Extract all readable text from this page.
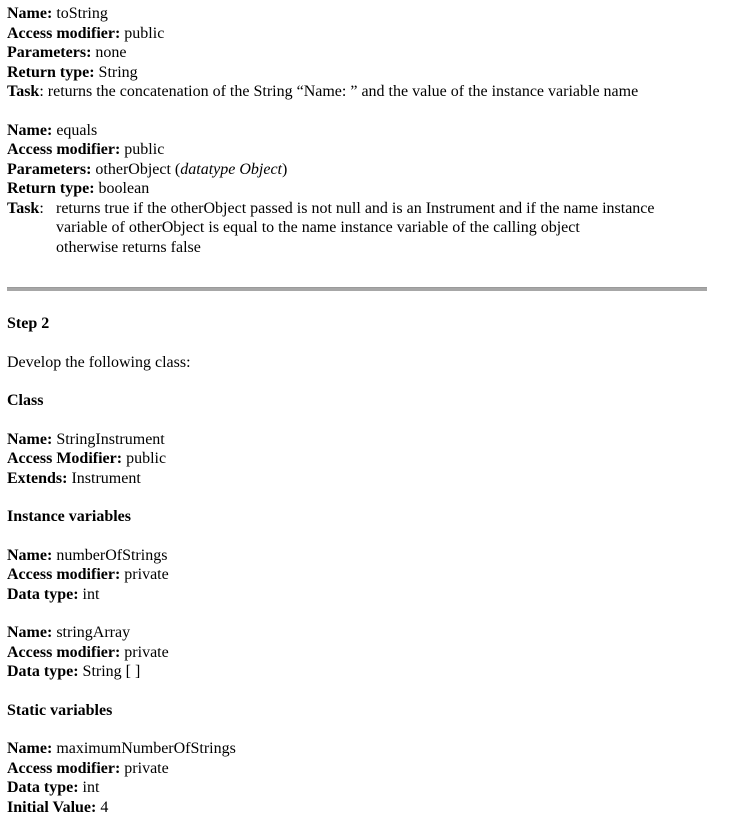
Name: toString
Access modifier: public
Parameters: none
Return type: String
Task: returns the concatenation of the String “Name: ” and the value of the instance variable name
Name: equals
Access modifier: public
Parameters: otherObject (datatype Object)
Return type: boolean
Task: returns true if the otherObject passed is not null and is an Instrument and if the name instance
variable of otherObject is equal to the name instance variable of the calling object
otherwise returns false
Step 2
Develop the following class:
Class
Name: StringInstrument
Access Modifier: public
Extends: Instrument
Instance variables
Name: numberOfStrings
Access modifier: private
Data type: int
Name: stringArray
Access modifier: private
Data type: String [ ]
Static variables
Name: maximumNumberOfStrings
Access modifier: private
Data type: int
Initial Value: 4
